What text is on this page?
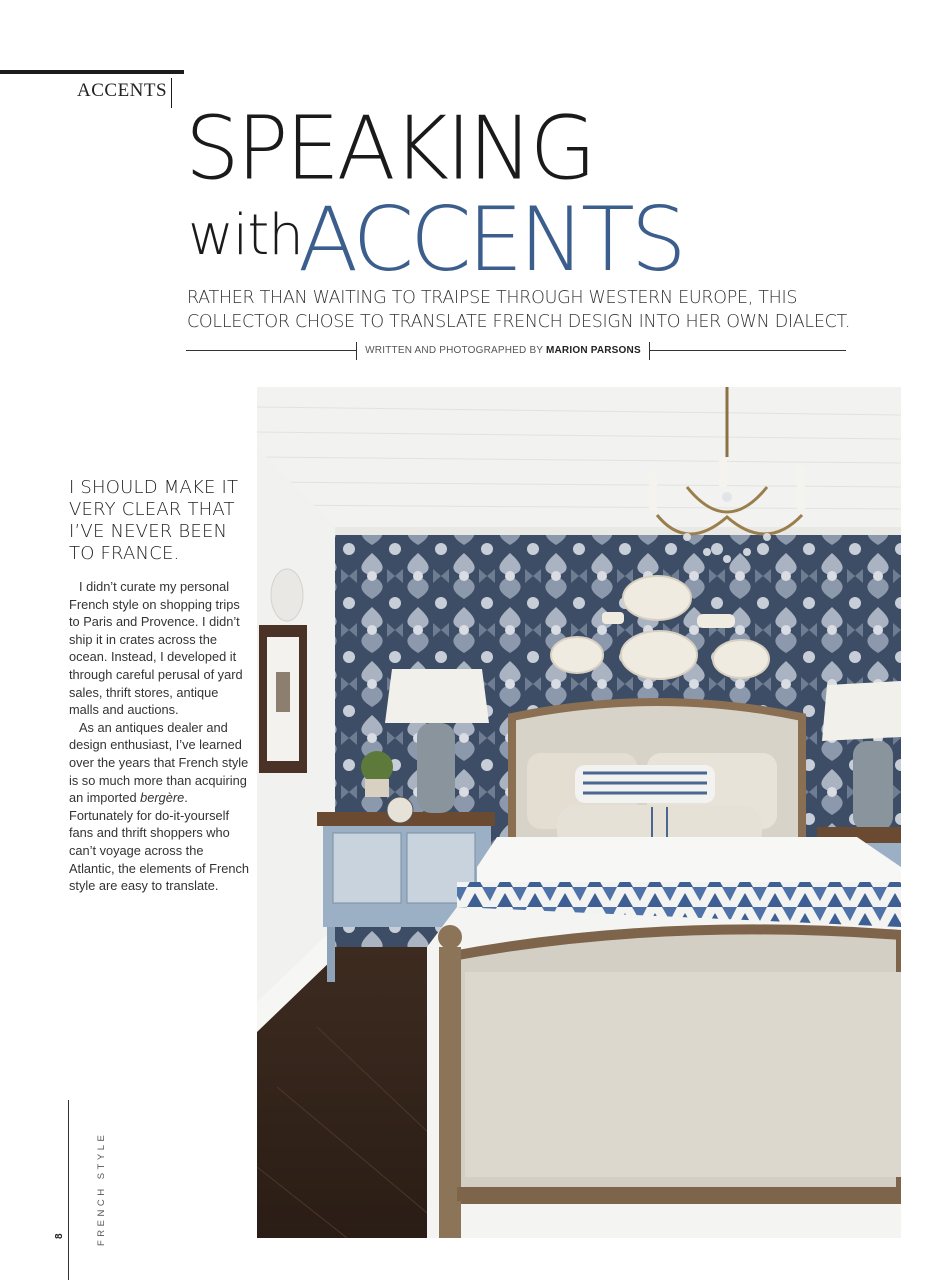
ACCENTS
SPEAKING
with
ACCENTS
RATHER THAN WAITING TO TRAIPSE THROUGH WESTERN EUROPE, THIS COLLECTOR CHOSE TO TRANSLATE FRENCH DESIGN INTO HER OWN DIALECT.
WRITTEN AND PHOTOGRAPHED BY MARION PARSONS
I SHOULD MAKE IT VERY CLEAR THAT I’VE NEVER BEEN TO FRANCE.

I didn’t curate my personal French style on shopping trips to Paris and Provence. I didn’t ship it in crates across the ocean. Instead, I developed it through careful perusal of yard sales, thrift stores, antique malls and auctions.

As an antiques dealer and design enthusiast, I’ve learned over the years that French style is so much more than acquiring an imported bergère. Fortunately for do-it-yourself fans and thrift shoppers who can’t voyage across the Atlantic, the elements of French style are easy to translate.

FRENCH STYLE
8
